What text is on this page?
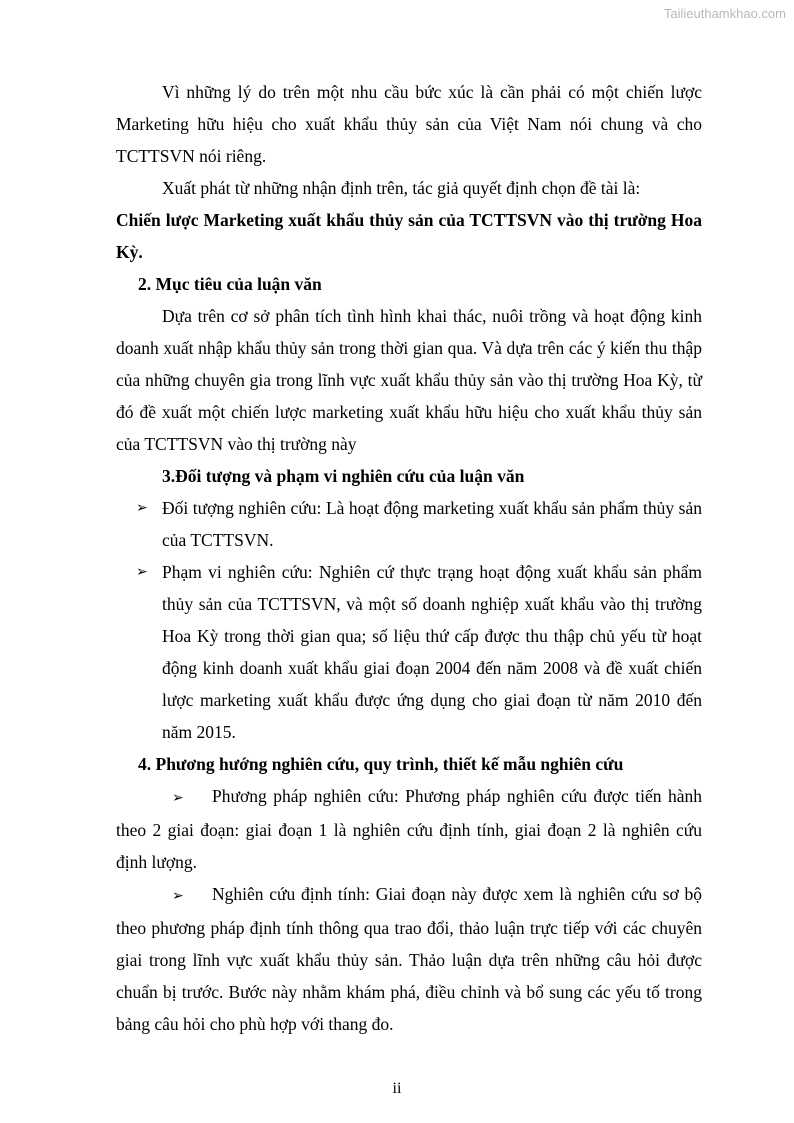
Tailieuthamkhao.com

Vì những lý do trên một nhu cầu bức xúc là cần phải có một chiến lược Marketing hữu hiệu cho xuất khẩu thủy sản của Việt Nam nói chung và cho TCTTSVN nói riêng.

Xuất phát từ những nhận định trên, tác giả quyết định chọn đề tài là:

Chiến lược Marketing xuất khẩu thủy sản của TCTTSVN vào thị trường Hoa Kỳ.

2. Mục tiêu của luận văn

Dựa trên cơ sở phân tích tình hình khai thác, nuôi trồng và hoạt động kinh doanh xuất nhập khẩu thủy sản trong thời gian qua. Và dựa trên các ý kiến thu thập của những chuyên gia trong lĩnh vực xuất khẩu thủy sản vào thị trường Hoa Kỳ, từ đó đề xuất một chiến lược marketing xuất khẩu hữu hiệu cho xuất khẩu thủy sản của TCTTSVN vào thị trường này

3.Đối tượng và phạm vi nghiên cứu của luận văn

➢ Đối tượng nghiên cứu: Là hoạt động marketing xuất khẩu sản phẩm thủy sản của TCTTSVN.
➢ Phạm vi nghiên cứu: Nghiên cứ thực trạng hoạt động xuất khẩu sản phẩm thủy sản của TCTTSVN, và một số doanh nghiệp xuất khẩu vào thị trường Hoa Kỳ trong thời gian qua; số liệu thứ cấp được thu thập chủ yếu từ hoạt động kinh doanh xuất khẩu giai đoạn 2004 đến năm 2008 và đề xuất chiến lược marketing xuất khẩu được ứng dụng cho giai đoạn từ năm 2010 đến năm 2015.

4. Phương hướng nghiên cứu, quy trình, thiết kế mẫu nghiên cứu

➢ Phương pháp nghiên cứu: Phương pháp nghiên cứu được tiến hành theo 2 giai đoạn: giai đoạn 1 là nghiên cứu định tính, giai đoạn 2 là nghiên cứu định lượng.
➢ Nghiên cứu định tính: Giai đoạn này được xem là nghiên cứu sơ bộ theo phương pháp định tính thông qua trao đổi, thảo luận trực tiếp với các chuyên giai trong lĩnh vực xuất khẩu thủy sản. Thảo luận dựa trên những câu hỏi được chuẩn bị trước. Bước này nhằm khám phá, điều chỉnh và bổ sung các yếu tố trong bảng câu hỏi cho phù hợp với thang đo.
ii
